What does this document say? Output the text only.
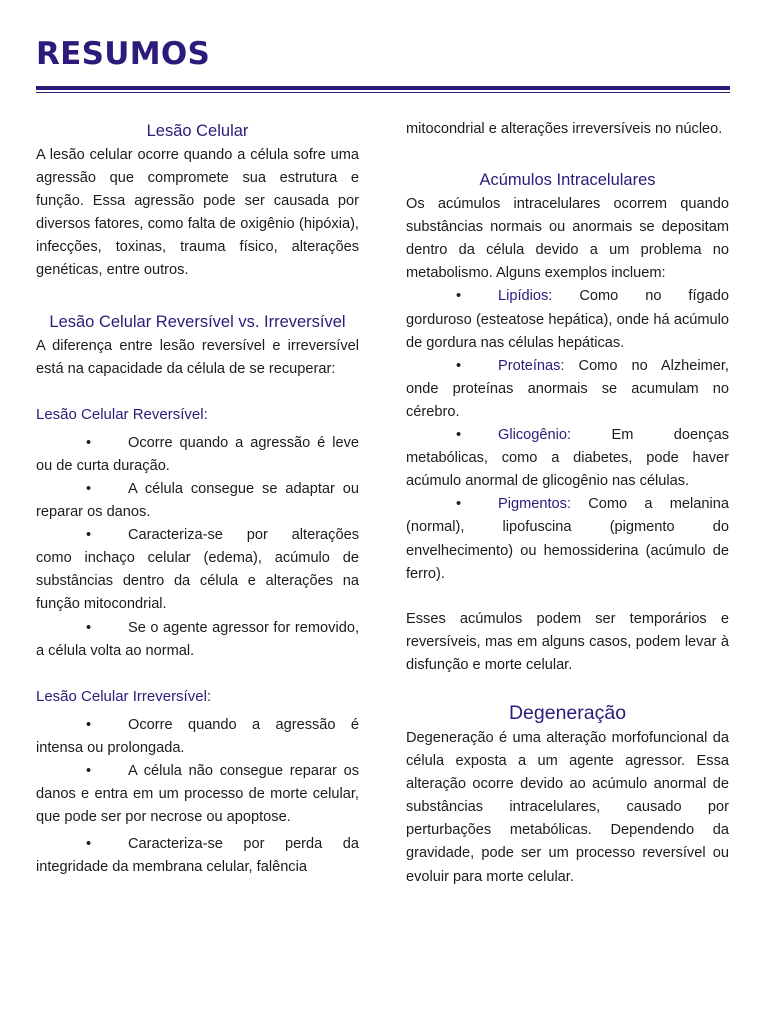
RESUMOS
Lesão Celular

A lesão celular ocorre quando a célula sofre uma agressão que compromete sua estrutura e função. Essa agressão pode ser causada por diversos fatores, como falta de oxigênio (hipóxia), infecções, toxinas, trauma físico, alterações genéticas, entre outros.

Lesão Celular Reversível vs. Irreversível

A diferença entre lesão reversível e irreversível está na capacidade da célula de se recuperar:

Lesão Celular Reversível:

•	Ocorre quando a agressão é leve ou de curta duração.

•	A célula consegue se adaptar ou reparar os danos.

•	Caracteriza-se por alterações como inchaço celular (edema), acúmulo de substâncias dentro da célula e alterações na função mitocondrial.

•	Se o agente agressor for removido, a célula volta ao normal.

Lesão Celular Irreversível:

•	Ocorre quando a agressão é intensa ou prolongada.

•	A célula não consegue reparar os danos e entra em um processo de morte celular, que pode ser por necrose ou apoptose.

•	Caracteriza-se por perda da integridade da membrana celular, falência

mitocondrial e alterações irreversíveis no núcleo.

Acúmulos Intracelulares

Os acúmulos intracelulares ocorrem quando substâncias normais ou anormais se depositam dentro da célula devido a um problema no metabolismo. Alguns exemplos incluem:

•	Lipídios: Como no fígado gorduroso (esteatose hepática), onde há acúmulo de gordura nas células hepáticas.

•	Proteínas: Como no Alzheimer, onde proteínas anormais se acumulam no cérebro.

•	Glicogênio:	Em doenças metabólicas, como a diabetes, pode haver acúmulo anormal de glicogênio nas células.

•	Pigmentos: Como a melanina (normal), lipofuscina (pigmento do envelhecimento) ou hemossiderina (acúmulo de ferro).

Esses acúmulos podem ser temporários e reversíveis, mas em alguns casos, podem levar à disfunção e morte celular.

Degeneração

Degeneração é uma alteração morfofuncional da célula exposta a um agente agressor. Essa alteração ocorre devido ao acúmulo anormal de substâncias intracelulares, causado por perturbações metabólicas. Dependendo da gravidade, pode ser um processo reversível ou evoluir para morte celular.
